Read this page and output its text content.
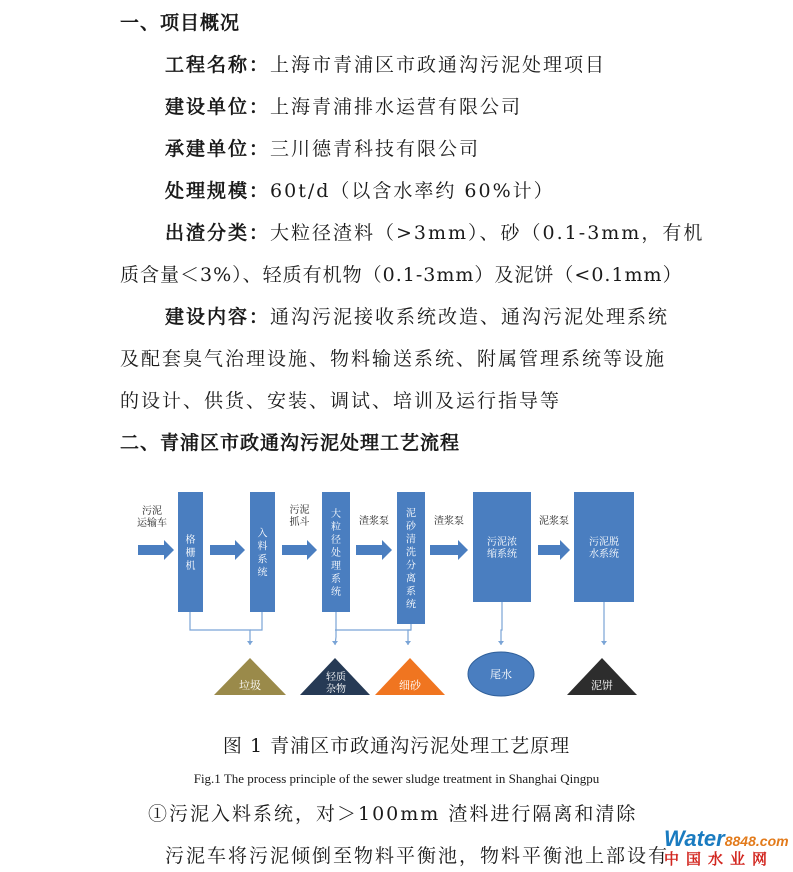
一、项目概况
工程名称：上海市青浦区市政通沟污泥处理项目
建设单位：上海青浦排水运营有限公司
承建单位：三川德青科技有限公司
处理规模：60t/d（以含水率约 60%计）
出渣分类：大粒径渣料（>3mm）、砂（0.1-3mm，有机
质含量＜3%）、轻质有机物（0.1-3mm）及泥饼（<0.1mm）
建设内容：通沟污泥接收系统改造、通沟污泥处理系统
及配套臭气治理设施、物料输送系统、附属管理系统等设施
的设计、供货、安装、调试、培训及运行指导等
二、青浦区市政通沟污泥处理工艺流程
污泥
运输车
污泥
抓斗	渣浆泵	渣浆泵	泥浆泵
格
栅
机
入
料
系
统
大
粒
径
处
理
系
统
泥
砂
清
洗
分
离
系
统
污泥浓
缩系统
污泥脱
水系统
垃圾
轻质
杂物	细砂
尾水
泥饼
图 1 青浦区市政通沟污泥处理工艺原理
Fig.1 The process principle of the sewer sludge treatment in Shanghai Qingpu
①污泥入料系统，对＞100mm 渣料进行隔离和清除
污泥车将污泥倾倒至物料平衡池，物料平衡池上部设有
Water8848.com
中国水业网
